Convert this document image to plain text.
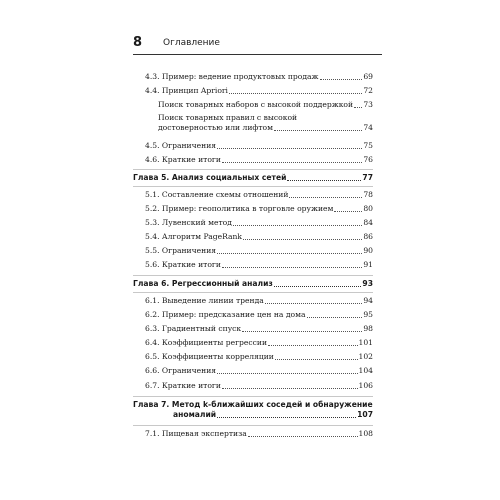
8 Оглавление
4.3. Пример: ведение продуктовых продаж	69
4.4. Принцип Apriori	72
Поиск товарных наборов с высокой поддержкой 73
Поиск товарных правил с высокой
достоверностью или лифтом	74
4.5. Ограничения	75
4.6. Краткие итоги	76
Глава 5. Анализ социальных сетей	77
5.1. Составление схемы отношений	78
5.2. Пример: геополитика в торговле оружием	80
5.3. Лувенский метод	84
5.4. Алгоритм PageRank	86
5.5. Ограничения	90
5.6. Краткие итоги	91
Глава 6. Регрессионный анализ	93
6.1. Выведение линии тренда	94
6.2. Пример: предсказание цен на дома	95
6.3. Градиентный спуск	98
6.4. Коэффициенты регрессии	101
6.5. Коэффициенты корреляции	102
6.6. Ограничения	104
6.7. Краткие итоги	106
Глава 7. Метод k-ближайших соседей и обнаружение
аномалий	107
7.1. Пищевая экспертиза	108
